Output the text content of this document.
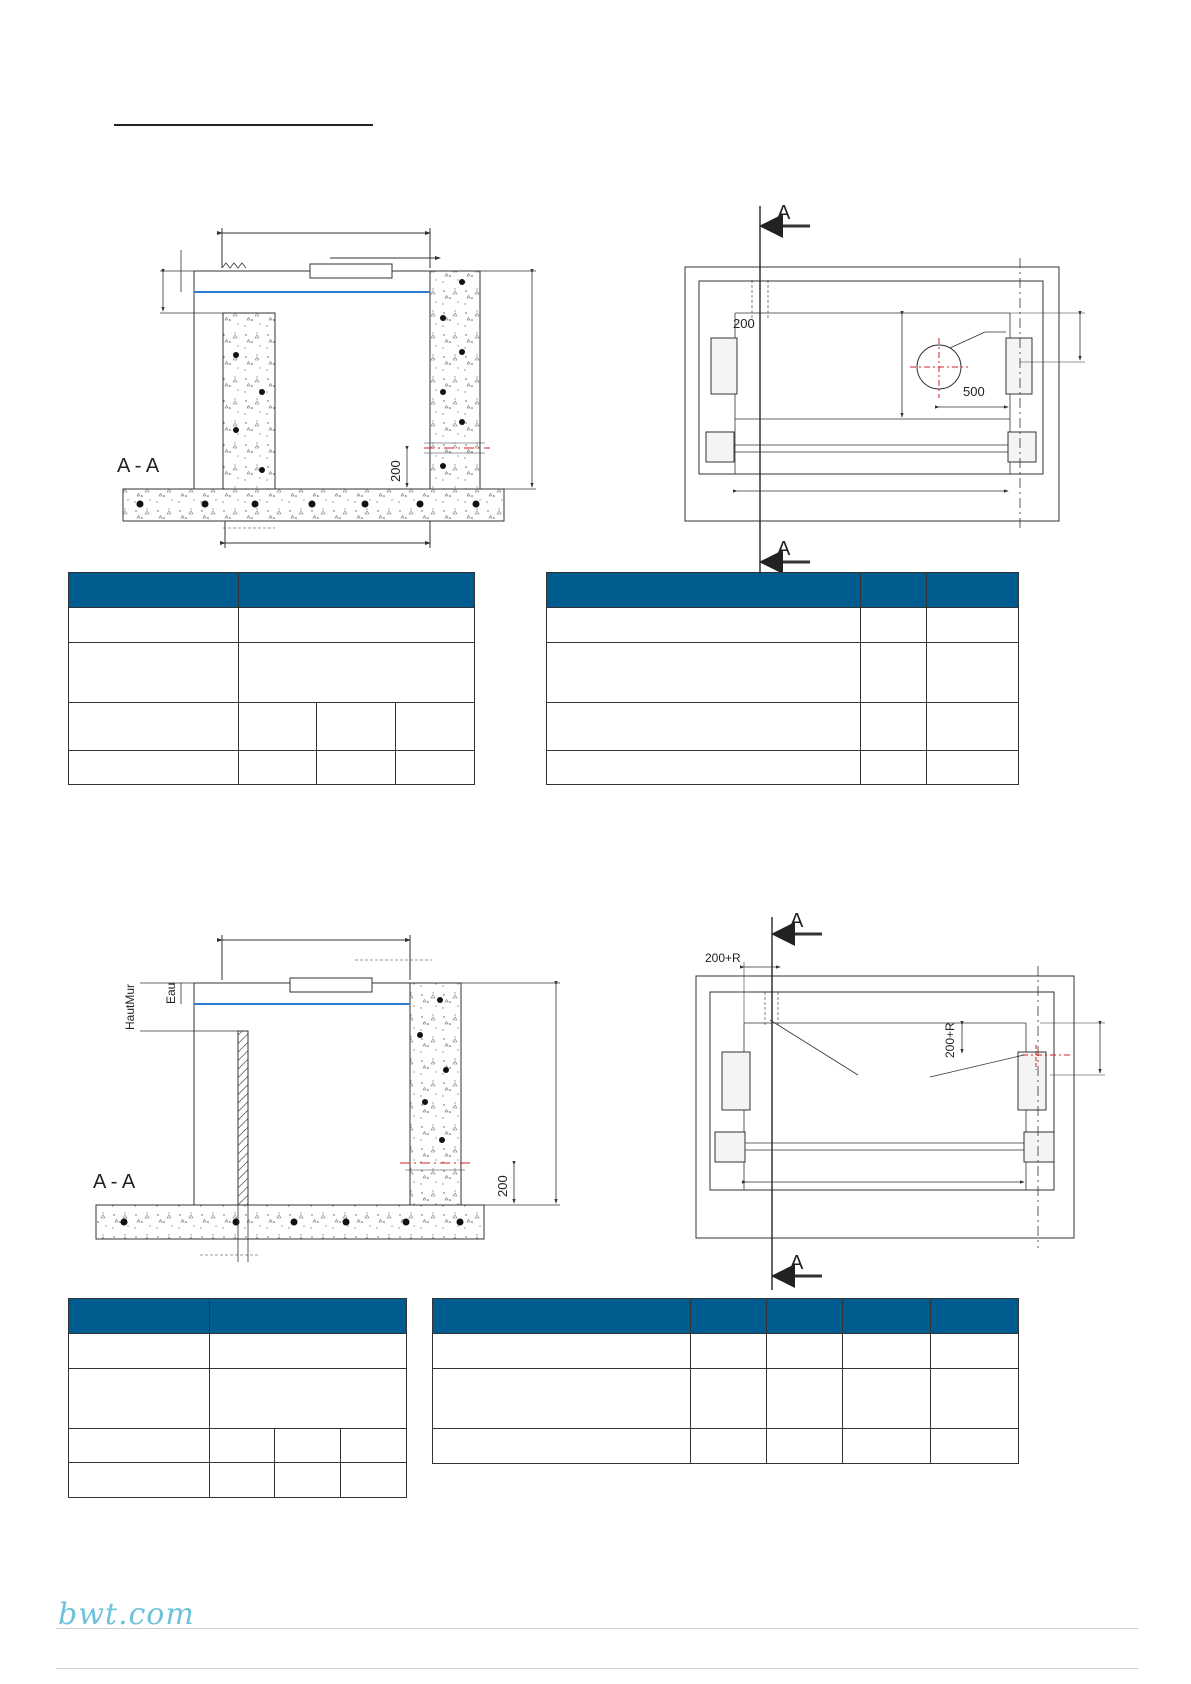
A - A	200
A
A
200
500
A - A
HautMur Eau
200
A
A
200+R
200+R

bwt.com
